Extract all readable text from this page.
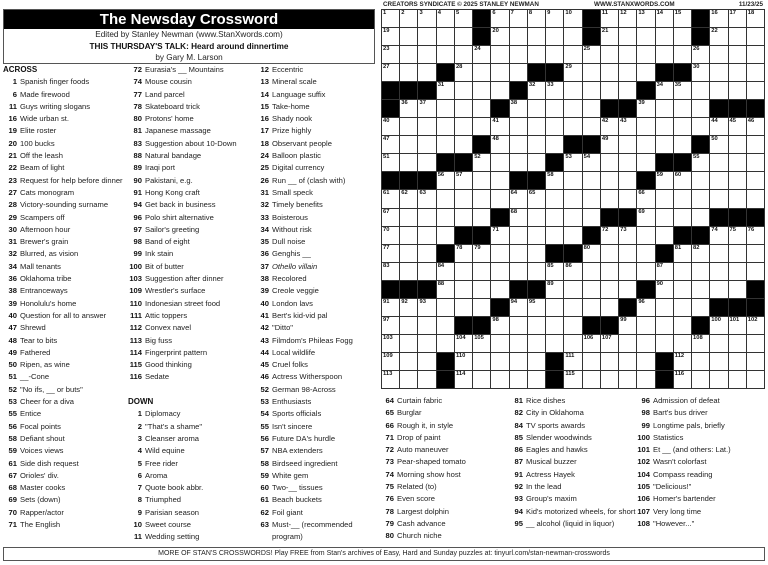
The Newsday Crossword
Edited by Stanley Newman (www.StanXwords.com)
THIS THURSDAY'S TALK: Heard around dinnertime
by Gary M. Larson
ACROSS
1 Spanish finger foods
6 Made firewood
11 Guys writing slogans
16 Wide urban st.
19 Elite roster
20 100 bucks
21 Off the leash
22 Beam of light
23 Request for help before dinner
27 Cats monogram
28 Victory-sounding surname
29 Scampers off
30 Afternoon hour
31 Brewer's grain
32 Blurred, as vision
34 Mall tenants
36 Oklahoma tribe
38 Entranceways
39 Honolulu's home
40 Question for all to answer
47 Shrewd
48 Tear to bits
49 Fathered
50 Ripen, as wine
51 __-Cone
52 "No ifs, __ or buts"
53 Cheer for a diva
55 Entice
56 Focal points
58 Defiant shout
59 Voices views
61 Side dish request
67 Orioles' div.
68 Master cooks
69 Sets (down)
70 Rapper/actor
71 The English
72 Eurasia's __ Mountains
74 Mouse cousin
77 Land parcel
78 Skateboard trick
80 Protons' home
81 Japanese massage
83 Suggestion about 10-Down
88 Natural bandage
89 Iraqi port
90 Pakistani, e.g.
91 Hong Kong craft
94 Get back in business
96 Polo shirt alternative
97 Sailor's greeting
98 Band of eight
99 Ink stain
100 Bit of butter
103 Suggestion after dinner
109 Wrestler's surface
110 Indonesian street food
111 Attic toppers
112 Convex navel
113 Big fuss
114 Fingerprint pattern
115 Good thinking
116 Sedate
DOWN
1 Diplomacy
2 "That's a shame"
3 Cleanser aroma
4 Wild equine
5 Free rider
6 Aroma
7 Quote book abbr.
8 Triumphed
9 Parisian season
10 Sweet course
11 Wedding setting
12 Eccentric
13 Mineral scale
14 Language suffix
15 Take-home
16 Shady nook
17 Prize highly
18 Observant people
24 Balloon plastic
25 Digital currency
26 Run __ of (clash with)
31 Small speck
32 Timely benefits
33 Boisterous
34 Without risk
35 Dull noise
36 Genghis __
37 Othello villain
38 Recolored
39 Creole veggie
40 London lavs
41 Bert's kid-vid pal
42 "Ditto"
43 Filmdom's Phileas Fogg
44 Local wildlife
45 Cruel folks
46 Actress Witherspoon
52 German 98-Across
53 Enthusiasts
54 Sports officials
55 Isn't sincere
56 Future DA's hurdle
57 NBA extenders
58 Birdseed ingredient
59 White gem
60 Two-__ tissues
61 Beach buckets
62 Foil giant
63 Must-__ (recommended program)
64 Curtain fabric
65 Burglar
66 Rough it, in style
71 Drop of paint
72 Auto maneuver
73 Pear-shaped tomato
74 Morning show host
75 Related (to)
76 Even score
78 Largest dolphin
79 Cash advance
80 Church niche
81 Rice dishes
82 City in Oklahoma
84 TV sports awards
85 Slender woodwinds
86 Eagles and hawks
87 Musical buzzer
91 Actress Hayek
92 In the lead
93 Group's maxim
94 Kid's motorized wheels, for short
95 __ alcohol (liquid in liquor)
96 Admission of defeat
98 Bart's bus driver
99 Longtime pals, briefly
100 Statistics
101 Et __ (and others: Lat.)
102 Wasn't colorfast
104 Compass reading
105 "Delicious!"
106 Homer's bartender
107 Very long time
108 "However..."
CREATORS SYNDICATE © 2025 STANLEY NEWMAN	WWW.STANXWORDS.COM	11/23/25
1	2	3	4	5	6	7	8	9	10	11 12 13 14 15	16 17 18
19	20	21	22
23	24	25	26
27	28	29	30
31	32 33	34 35
36 37	38	39
40	41	42 43	44 45 46
47	48	49	50
51	52	53 54	55
56 57	58	59 60
61 62 63	64 65	66
67	68	69
70	71	72 73	74 75 76
77	78 79	80	81 82
83	84	85 86	87
88	89	90
91 92 93	94 95	96
97	98	99	100 101 102
103	104 105	106 107	108
109	110	111	112
113	114	115	116
MORE OF STAN'S CROSSWORDS! Play FREE from Stan's archives of Easy, Hard and Sunday puzzles at: tinyurl.com/stan-newman-crosswords
